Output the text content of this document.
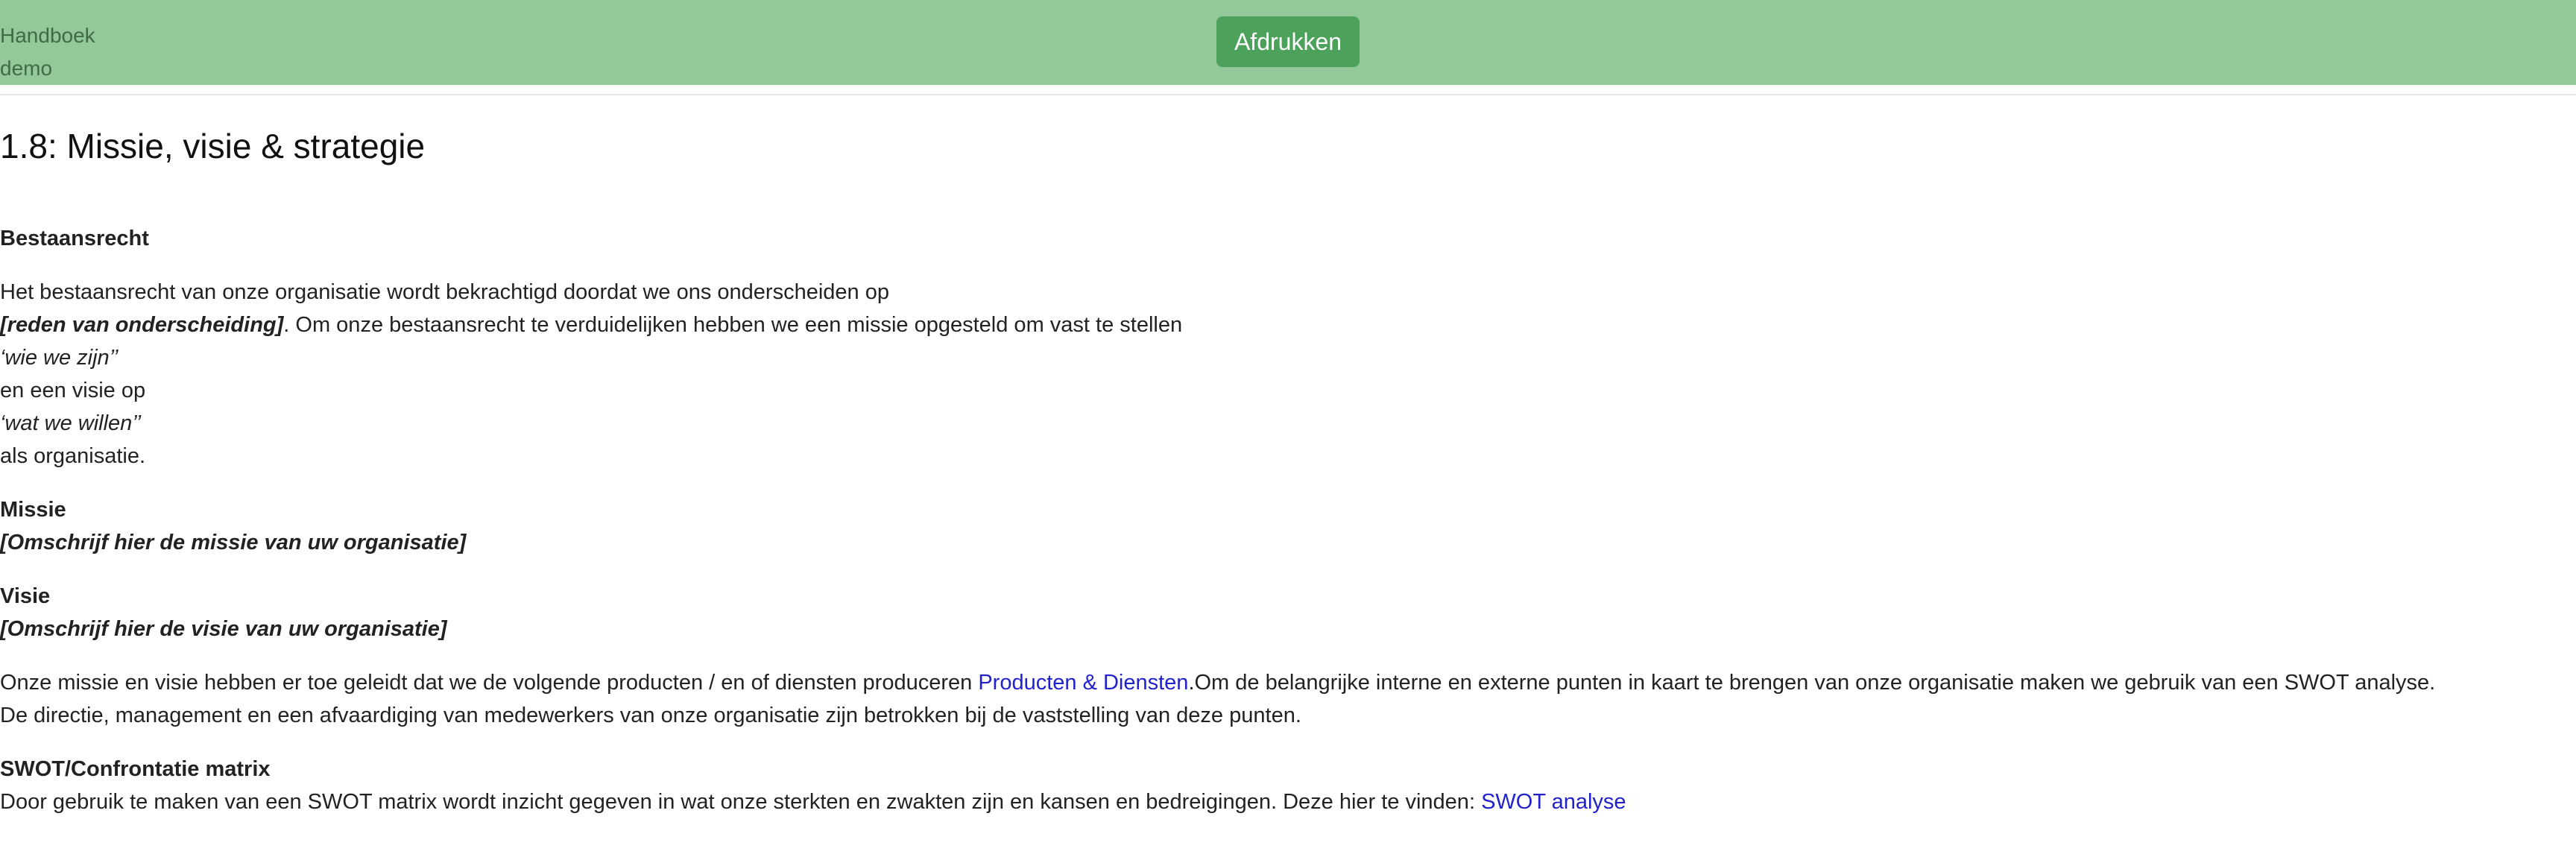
Handboek
demo
Afdrukken
1.8: Missie, visie & strategie
Bestaansrecht
Het bestaansrecht van onze organisatie wordt bekrachtigd doordat we ons onderscheiden op
[reden van onderscheiding]. Om onze bestaansrecht te verduidelijken hebben we een missie opgesteld om vast te stellen
‘wie we zijn’’
en een visie op
‘wat we willen’’
als organisatie.
Missie
[Omschrijf hier de missie van uw organisatie]
Visie
[Omschrijf hier de visie van uw organisatie]
Onze missie en visie hebben er toe geleidt dat we de volgende producten / en of diensten produceren Producten & Diensten.Om de belangrijke interne en externe punten in kaart te brengen van onze organisatie maken we gebruik van een SWOT analyse.
De directie, management en een afvaardiging van medewerkers van onze organisatie zijn betrokken bij de vaststelling van deze punten.
SWOT/Confrontatie matrix
Door gebruik te maken van een SWOT matrix wordt inzicht gegeven in wat onze sterkten en zwakten zijn en kansen en bedreigingen. Deze hier te vinden: SWOT analyse
